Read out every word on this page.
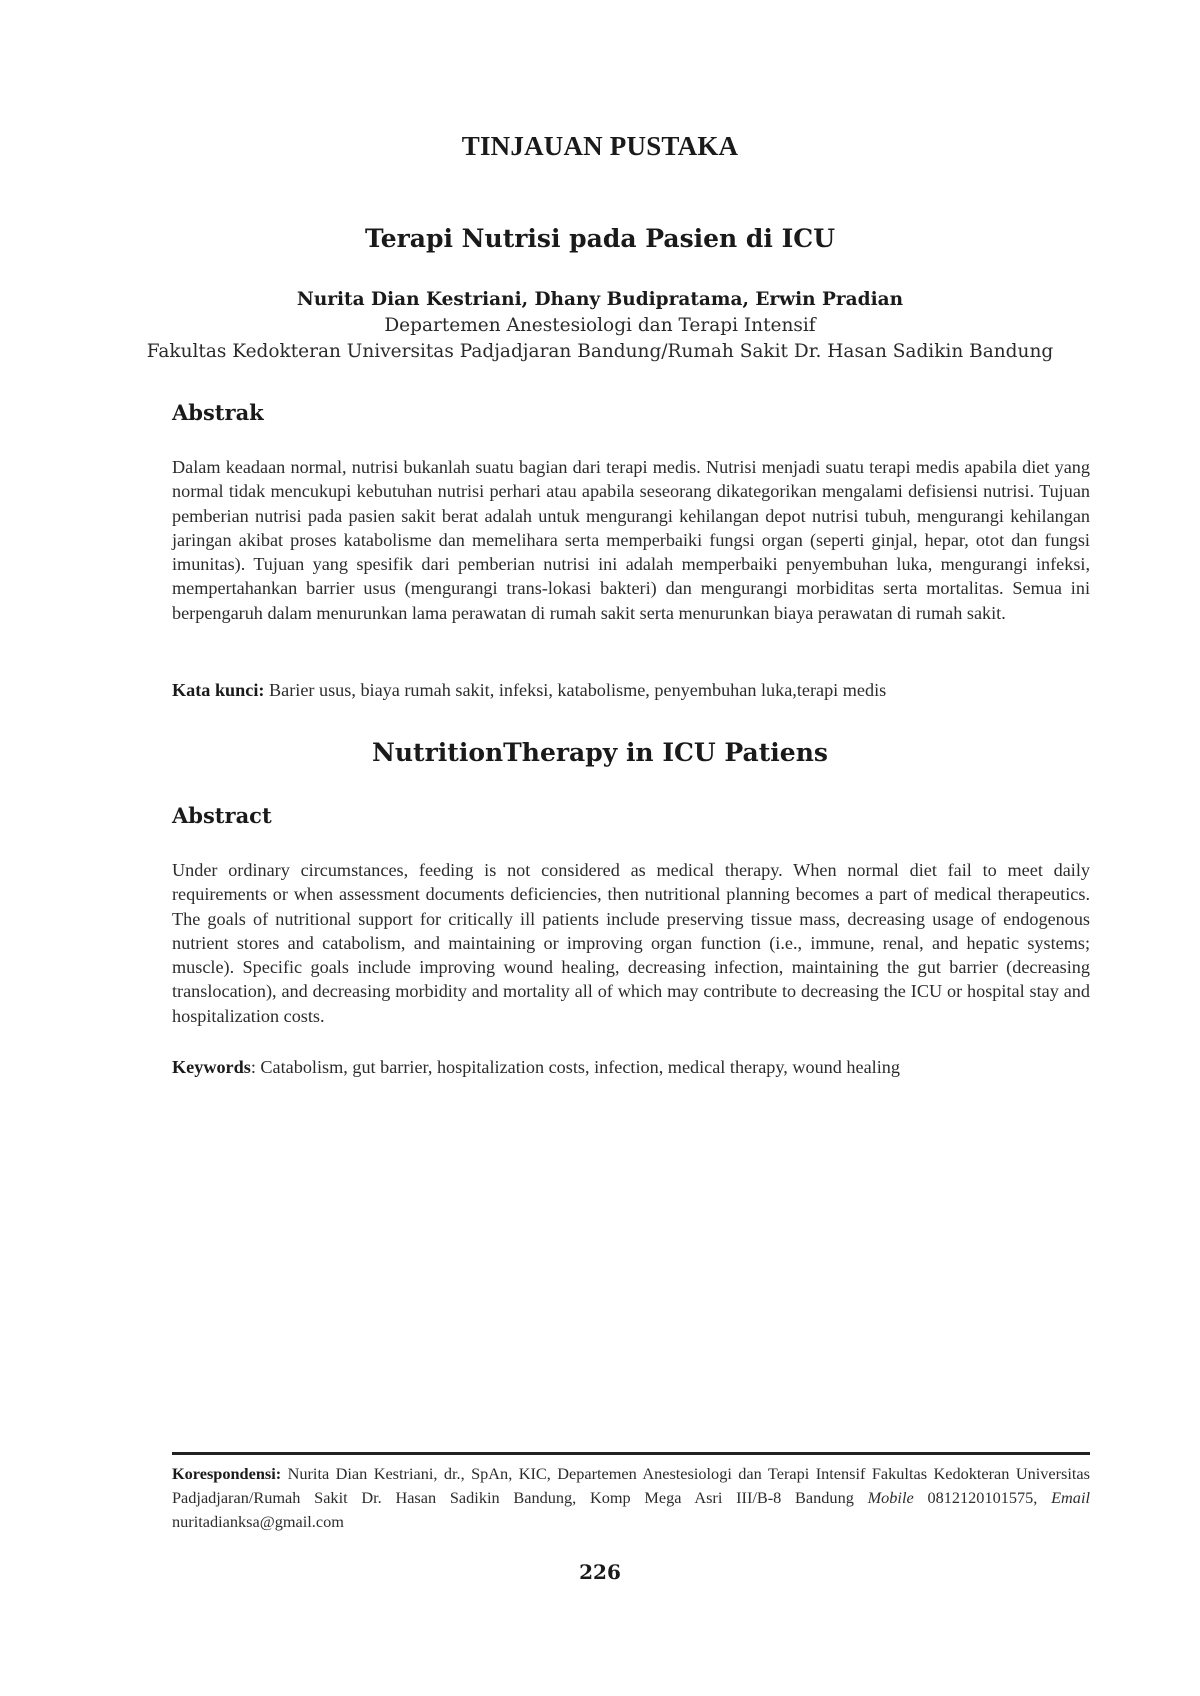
TINJAUAN PUSTAKA
Terapi Nutrisi pada Pasien di ICU
Nurita Dian Kestriani, Dhany Budipratama, Erwin Pradian
Departemen Anestesiologi dan Terapi Intensif
Fakultas Kedokteran Universitas Padjadjaran Bandung/Rumah Sakit Dr. Hasan Sadikin Bandung
Abstrak
Dalam keadaan normal, nutrisi bukanlah suatu bagian dari terapi medis. Nutrisi menjadi suatu terapi medis apabila diet yang normal tidak mencukupi kebutuhan nutrisi perhari atau apabila seseorang dikategorikan mengalami defisiensi nutrisi. Tujuan pemberian nutrisi pada pasien sakit berat adalah untuk mengurangi kehilangan depot nutrisi tubuh, mengurangi kehilangan jaringan akibat proses katabolisme dan memelihara serta memperbaiki fungsi organ (seperti ginjal, hepar, otot dan fungsi imunitas). Tujuan yang spesifik dari pemberian nutrisi ini adalah memperbaiki penyembuhan luka, mengurangi infeksi, mempertahankan barrier usus (mengurangi trans-lokasi bakteri) dan mengurangi morbiditas serta mortalitas. Semua ini berpengaruh dalam menurunkan lama perawatan di rumah sakit serta menurunkan biaya perawatan di rumah sakit.
Kata kunci: Barier usus, biaya rumah sakit, infeksi, katabolisme, penyembuhan luka,terapi medis
NutritionTherapy in ICU Patiens
Abstract
Under ordinary circumstances, feeding is not considered as medical therapy. When normal diet fail to meet daily requirements or when assessment documents deficiencies, then nutritional planning becomes a part of medical therapeutics. The goals of nutritional support for critically ill patients include preserving tissue mass, decreasing usage of endogenous nutrient stores and catabolism, and maintaining or improving organ function (i.e., immune, renal, and hepatic systems; muscle). Specific goals include improving wound healing, decreasing infection, maintaining the gut barrier (decreasing translocation), and decreasing morbidity and mortality all of which may contribute to decreasing the ICU or hospital stay and hospitalization costs.
Keywords: Catabolism, gut barrier, hospitalization costs, infection, medical therapy, wound healing
Korespondensi: Nurita Dian Kestriani, dr., SpAn, KIC, Departemen Anestesiologi dan Terapi Intensif Fakultas Kedokteran Universitas Padjadjaran/Rumah Sakit Dr. Hasan Sadikin Bandung, Komp Mega Asri III/B-8 Bandung Mobile 0812120101575, Email nuritadianksa@gmail.com
226
